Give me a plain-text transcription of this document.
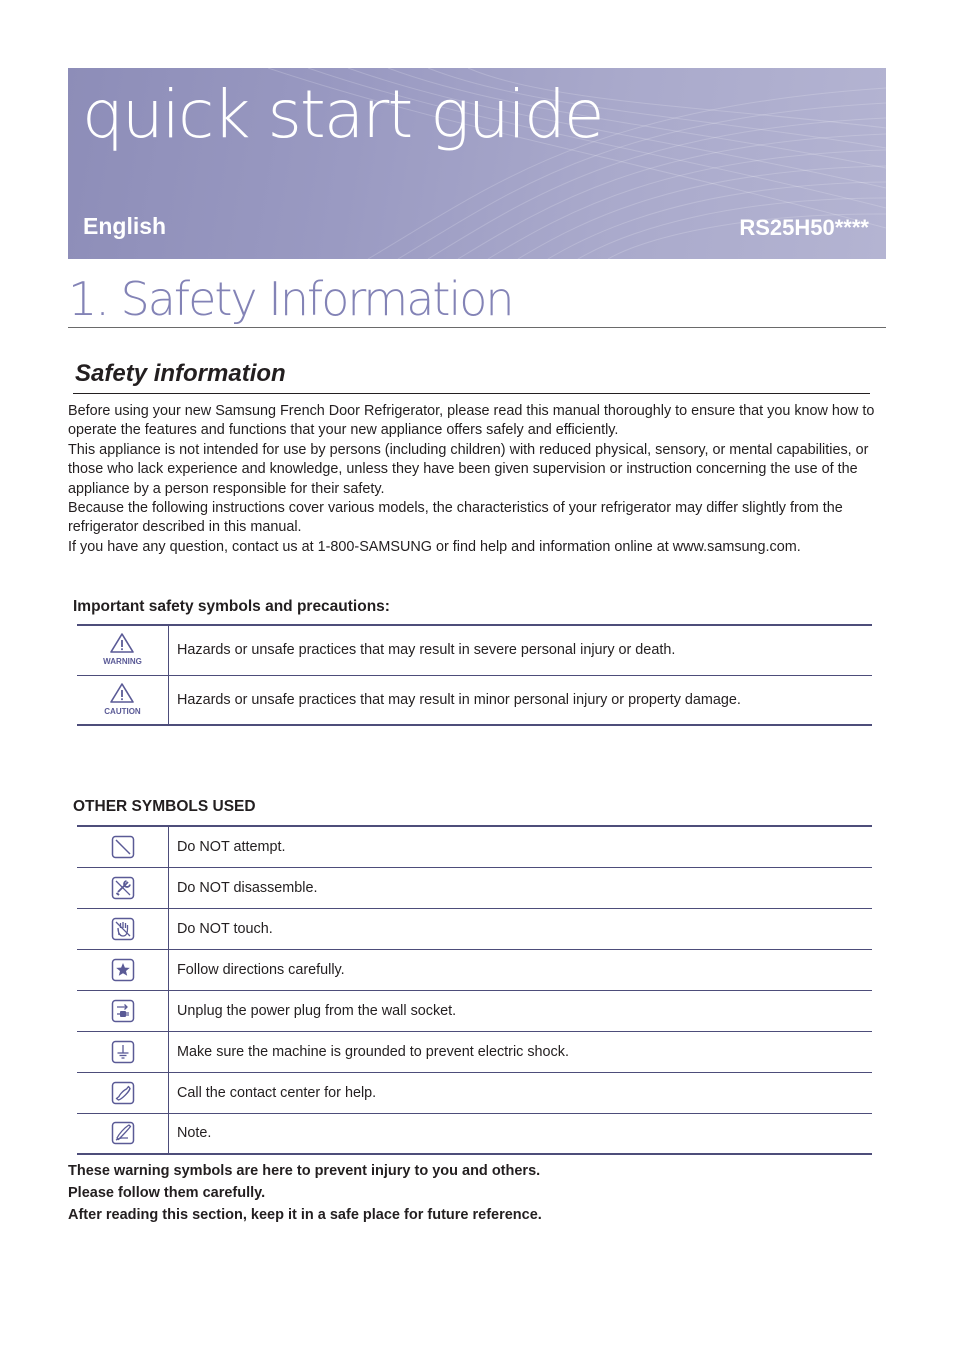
quick start guide
English	RS25H50****
1. Safety Information
Safety information

Before using your new Samsung French Door Refrigerator, please read this manual thoroughly to ensure that you know how to operate the features and functions that your new appliance offers safely and efficiently.

This appliance is not intended for use by persons (including children) with reduced physical, sensory, or mental capabilities, or those who lack experience and knowledge, unless they have been given supervision or instruction concerning the use of the appliance by a person responsible for their safety.

Because the following instructions cover various models, the characteristics of your refrigerator may differ slightly from the refrigerator described in this manual.

If you have any question, contact us at 1-800-SAMSUNG or find help and information online at www.samsung.com.

Important safety symbols and precautions:
WARNING	Hazards or unsafe practices that may result in severe personal injury or death.

CAUTION	Hazards or unsafe practices that may result in minor personal injury or property damage.
OTHER SYMBOLS USED
	Do NOT attempt.
	Do NOT disassemble.
	Do NOT touch.
	Follow directions carefully.
	Unplug the power plug from the wall socket.
	Make sure the machine is grounded to prevent electric shock.
	Call the contact center for help.
	Note.

These warning symbols are here to prevent injury to you and others.

Please follow them carefully.

After reading this section, keep it in a safe place for future reference.
